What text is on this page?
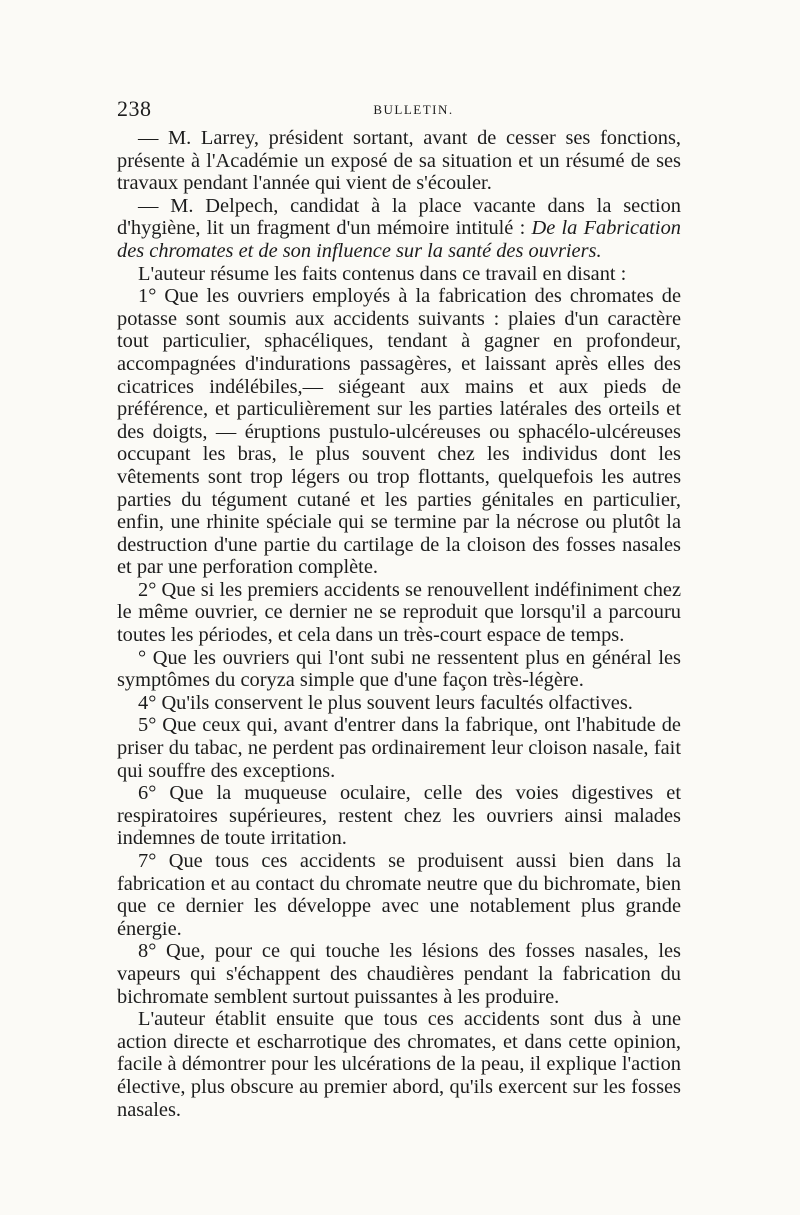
238	BULLETIN.

— M. Larrey, président sortant, avant de cesser ses fonctions, présente à l'Académie un exposé de sa situation et un résumé de ses travaux pendant l'année qui vient de s'écouler.

— M. Delpech, candidat à la place vacante dans la section d'hygiène, lit un fragment d'un mémoire intitulé : De la Fabrication des chromates et de son influence sur la santé des ouvriers.

L'auteur résume les faits contenus dans ce travail en disant :

1° Que les ouvriers employés à la fabrication des chromates de potasse sont soumis aux accidents suivants : plaies d'un caractère tout particulier, sphacéliques, tendant à gagner en profondeur, accompagnées d'indurations passagères, et laissant après elles des cicatrices indélébiles,— siégeant aux mains et aux pieds de préférence, et particulièrement sur les parties latérales des orteils et des doigts, — éruptions pustulo-ulcéreuses ou sphacélo-ulcéreuses occupant les bras, le plus souvent chez les individus dont les vêtements sont trop légers ou trop flottants, quelquefois les autres parties du tégument cutané et les parties génitales en particulier, enfin, une rhinite spéciale qui se termine par la nécrose ou plutôt la destruction d'une partie du cartilage de la cloison des fosses nasales et par une perforation complète.

2° Que si les premiers accidents se renouvellent indéfiniment chez le même ouvrier, ce dernier ne se reproduit que lorsqu'il a parcouru toutes les périodes, et cela dans un très-court espace de temps.

° Que les ouvriers qui l'ont subi ne ressentent plus en général les symptômes du coryza simple que d'une façon très-légère.

4° Qu'ils conservent le plus souvent leurs facultés olfactives.

5° Que ceux qui, avant d'entrer dans la fabrique, ont l'habitude de priser du tabac, ne perdent pas ordinairement leur cloison nasale, fait qui souffre des exceptions.

6° Que la muqueuse oculaire, celle des voies digestives et respiratoires supérieures, restent chez les ouvriers ainsi malades indemnes de toute irritation.

7° Que tous ces accidents se produisent aussi bien dans la fabrication et au contact du chromate neutre que du bichromate, bien que ce dernier les développe avec une notablement plus grande énergie.

8° Que, pour ce qui touche les lésions des fosses nasales, les vapeurs qui s'échappent des chaudières pendant la fabrication du bichromate semblent surtout puissantes à les produire.

L'auteur établit ensuite que tous ces accidents sont dus à une action directe et escharrotique des chromates, et dans cette opinion, facile à démontrer pour les ulcérations de la peau, il explique l'action élective, plus obscure au premier abord, qu'ils exercent sur les fosses nasales.
